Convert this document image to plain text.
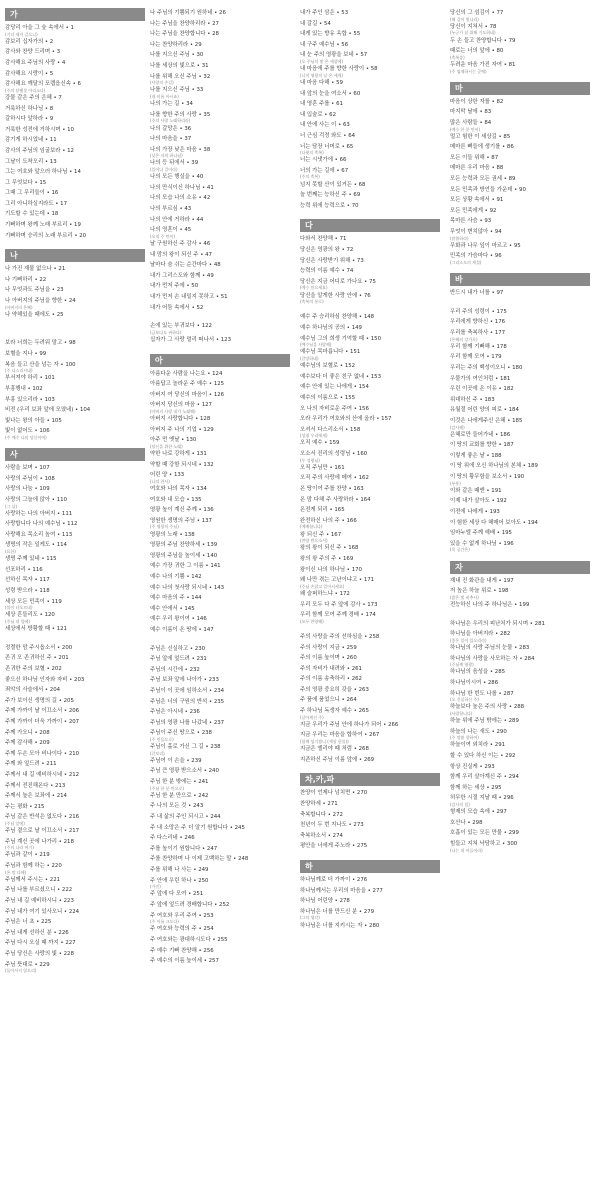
가
감당리 아을 그 숲 속에서 • 1
(기녀 제자 같으니)
감보리 십자가의 • 2
감사와 찬양 드리며 • 3
감사해요 주님의 사랑 • 4
감사해요 시랑이 • 5
감사해요 깨달의 포랩읍신속 • 6
(주의 달램물 아리소다)
강물 같은 주의 은혜 • 7
거룩하신 하나님 • 8
갈하시다 앞하라 • 9
거룩한 성전에 거하시며 • 10
감기게 하시었네 • 11
감사의 주님의 임굴보라 • 12
그날이 도착오리 • 13
그는 여호와 앞으러 하나님 • 14
그 무엇보다 • 15
그때 그 무리들이 • 16
그리 아니하실지라도 • 17
기도할 수 있는데 • 18
기뻐하며 왕께 노래 부르리 • 19
기뻐하며 승리의 노래 부르리 • 20
나
나 가진 재물 없으나 • 21
나 기뻐하리 • 22
나 무엇과도 주님을 • 23
나 아버지의 주님을 향한 • 24
(아버지의 은혜)
나 약해있을 때에도 • 25
보라 너희는 두려워 말고 • 98
보혈을 지나 • 99
복음 들고 산을 넘는 자 • 100
(주 다스리시네)
부서져야 하리 • 101
부흥행내 • 102
부흥 있으리라 • 103
비전 (우리 보좌 앞에 모였네) • 104
빛나는 왕의 아들 • 105
빛이 없어도 • 106
(주 예수 나의 당신이여)
사
사람을 보며 • 107
사랑의 주님이 • 108
사랑의 나눔 • 109
사랑의 그늘에 앉아 • 110
(그 날)
사랑하는 나의 아버지 • 111
사랑합니다 나의 예수님 • 112
사랑해요 목소리 높여 • 113
생명의 작은 일케도 • 114
(요한)
생명 주께 있네 • 115
선포하리 • 116
선하신 목자 • 117
성령 받으라 • 118
세상 모든 민족이 • 119
(불이 타오르네)
세상 흔들리도 • 120
(주님 내 앞에)
세상에서 방황할 때 • 121
정결한 맘 주시옵소서 • 200
존귀 오 존귀하신 주 • 201
존귀한 주의 보혈 • 202
좋으신 하나님 인자와 자비 • 203
죄악의 사슬에서 • 204
주가 보이신 생명의 길 • 205
주께 가까이 날 이끄소서 • 206
주께 가까이 더욱 가까이 • 207
주께 가오니 • 208
주께 감사해 • 209
주께 두손 모아 비나이다 • 210
주께 와 엎드려 • 211
주께서 내 길 예비하시네 • 212
주께서 전진해온다 • 213
주께서 높은 보좌에 • 214
주는 평화 • 215
주님 같은 반석은 없도다 • 216
(주님 앞에)
주님 곁으로 날 이끄소서 • 217
주님 계신 곳에 나가리 • 218
(주의 나라 여기)
주님과 같이 • 219
주님과 함께 하는 • 220
(온 맘 다해)
주님께서 주시는 • 221
주님 나를 부르셨으니 • 222
주님 내 길 예비하시니 • 223
주님 내가 여기 있사오니 • 224
주님은 너 초 • 225
주님 내게 선하신 분 • 226
주님 다시 오실 때 까지 • 227
주님 당신은 사랑의 빛 • 228
주님 뜻대로 • 229
(돌아서지 않으리)
나 주님의 기쁨되기 원하네 • 26
나는 주님을 찬양하리라 • 27
나는 주님을 찬양합니다 • 28
나는 찬양하리라 • 29
나를 지으신 주님 • 30
나를 세상의 빛으로 • 31
나를 위해 오신 주님 • 32
(사랑의 손길)
나를 지으신 주님 • 33
(내 이름 아시죠)
나의 가는 길 • 34
나를 향한 주의 사랑 • 35
(주의 사랑 노래하리라)
나의 갈망은 • 36
나의 마음을 • 37
나의 가장 낮은 마음 • 38
(낮은 자의 하나님)
나의 등 뒤에서 • 39
(일어나 걸어라)
나의 모든 행실을 • 40
나의 만식이신 하나님 • 41
나의 모습 나의 소유 • 42
나의 부르심 • 43
나의 안에 거하라 • 44
나의 영혼이 • 45
(오직 주 만이)
날 구원하신 주 감사 • 46
내 맘의 왕이 되신 주 • 47
날마다 숨 쉬는 순간마다 • 48
내가 그리스도와 함께 • 49
내가 먼저 주에 • 50
내가 먼저 손 내밀지 못하고 • 51
내가 어둠 속에서 • 52
손에 있는 부귀보다 • 122
(금보다도 귀하다)
십자가 그 사랑 멀리 떠나서 • 123
아
아름다운 사람을 나는요 • 124
아름답고 놀라운 주 예수 • 125
아버지 여 당신의 마음이 • 126
아버지 당신의 마음 • 127
(아버지 사랑 내가 노래해)
아버지 사랑합니다 • 128
아버지 주 나의 기업 • 129
아주 먼 옛날 • 130
(당신을 위한 노래)
약한 나로 강하게 • 131
약할 때 강함 되시네 • 132
어린 양 • 133
(나의 찬사)
여호와 나의 목자 • 134
여호와 내 모습 • 135
영광 높이 계신 주께 • 136
영원한 생명의 주님 • 137
(주 영광의 주님)
영광의 노래 • 138
영광의 주님 찬양하세 • 139
영광의 주님을 높이세 • 140
예수 가장 귀한 그 이름 • 141
예수 나의 기쁨 • 142
예수 나의 첫사랑 되시네 • 143
예수 마음의 주 • 144
예수 안에서 • 145
예수 우리 왕이여 • 146
예수 이름이 온 땅에 • 147
주님은 신실하고 • 230
주님 앞에 엎드려 • 231
주님의 시간에 • 232
주님 보좌 앞에 나아가 • 233
주님이 이 곳에 임하소서 • 234
주님은 너의 구원의 반석 • 235
주님은 아시네 • 236
주님의 영광 나를 나갔네 • 237
주님이 주신 땅으로 • 238
(주 믿음으로)
주님이 홀로 가신 그 길 • 238
(갈보리)
주님여 이 손을 • 239
주님 큰 영광 받으소서 • 240
주님 한 분 밖에는 • 241
(주님 한 분 만으로)
주님 한 분 만으로 • 242
주 나의 모든 것 • 243
주 내 삶의 주인 되시고 • 244
주 내 소망은 주 더 알기 원합니다 • 245
주 다스리네 • 246
주를 높이기 원합니다 • 247
주를 찬양하며 나 이제 고백하는 말 • 248
주를 위해 나 사는 • 249
주 안에 우린 하나 • 250
(가진)
주 앞에 다 모여 • 251
주 앞에 엎드려 경배합니다 • 252
주 여호와 우리 주여 • 253
(주 이름 크도다)
주 여호와 능력의 주 • 254
주 여호와는 광대하시도다 • 255
주 예수 기뻐 찬양해 • 256
주 예수의 이름 높이세 • 257
내가 주인 삼은 • 53
내 갈길 • 54
내게 있는 향유 옥합 • 55
내 구주 예수님 • 56
내 눈 주의 영광을 보네 • 57
(오 주님의 빛 온 세상에)
내 마음에 주를 향한 사랑이 • 58
(너의 영광의 날 온 세계)
내 마음 다해 • 59
내 앞의 눈을 여소서 • 60
내 영혼 주를 • 61
내 입술로 • 62
내 안에 사는 이 • 63
너 근심 걱정 와도 • 64
너는 담장 너머로 • 65
(다윗의 축복)
너는 시냇가에 • 66
너의 가는 길에 • 67
(주의 축복)
넘지 못할 산이 있거든 • 68
놀 번째는 능하신 주 • 69
능력 위에 능력으로 • 70
다
다와서 찬양해 • 71
당신은 영광의 왕 • 72
당신은 사랑받기 위해 • 73
능력의 이름 예수 • 74
당신은 지금 어디로 가나요 • 75
(예수 믿으세요)
당신을 알게한 사랑 안에 • 76
(축복의 통로)
예수 주 승리하심 찬양해 • 148
예수 하나님의 공의 • 149
예수님 그의 희생 기억할 때 • 150
(예수님을 사랑해)
예수님 목마릅니다 • 151
(갈망하네)
예수님의 보혈로 • 152
예수보다 더 좋은 친구 없네 • 153
예수 안에 있는 나에게 • 154
예수의 이름으로 • 155
오 나의 자비로운 주여 • 156
오라 우리가 여호와의 산에 올라 • 157
오셔서 다스리소서 • 158
(성령 우리에게)
오직 예수 • 159
오소서 진리의 성령님 • 160
(우 성령님)
오직 주님만 • 161
오직 주의 사랑에 메여 • 162
온 땅이여 주를 찬양 • 163
온 맘 다해 주 사랑하라 • 164
온전케 되리 • 165
완전하신 나의 주 • 166
(예배합니다)
왕 되신 주 • 167
(찬양 받으소서)
왕의 왕이 되신 주 • 168
왕의 왕 주의 주 • 169
왕이신 나의 하나님 • 170
왜 나만 겪는 고난이냐고 • 171
(주님 손잡고 일어서세요)
왜 슬퍼하느냐 • 172
우리 모두 다 주 앞에 감사 • 173
우리 함께 모여 주께 경배 • 174
(모두 찬양해)
주의 사랑을 주의 선하심을 • 258
주의 사랑이 지금 • 259
주의 이름 높이며 • 260
주의 자비가 내려와 • 261
주의 이름 송축하리 • 262
주의 영광 중요히 갖을 • 263
주 품에 품었으니 • 264
주 하나님 독생자 예수 • 265
(살아계신 주)
지금 우리가 주님 안에 하나가 되어 • 266
지금 우리는 마음을 합하여 • 267
(함께 섬기겠니 (세상 헌물))
지금은 엘리야 때 처럼 • 268
지존하신 주님 이름 앞에 • 269
차,카,파
찬양이 언제나 넘치면 • 270
찬양하세 • 271
축복합니다 • 272
천년이 두 번 지나도 • 273
축복하소서 • 274
평안을 너에게 주노라 • 275
하
하나님께로 더 가까이 • 276
하나님께서는 우리의 마음을 • 277
하나님 어린양 • 278
하나님은 너를 만드신 분 • 279
(그의 생각)
하나님은 너를 지키시는 자 • 280
당신의 그 섬김이 • 77
(해 같이 빛나리)
당신이 지쳐서 • 78
(누군가 널 위해 기도하네)
두 손 들고 찬양합니다 • 79
때로는 너의 앞에 • 80
(축복송)
두려운 마음 가진 자여 • 81
(주 임재하시는 곳에)
마
마음이 상한 자를 • 82
마지막 날에 • 83
많은 사람들 • 84
(예수 한 분 만이)
멀고 험한 이 세상길 • 85
메마른 뼈들에 생기를 • 86
모든 이들 위해 • 87
메마른 우리 마음 • 88
모든 능력과 모든 권세 • 89
모든 민족과 방언들 가운데 • 90
모든 상황 속에서 • 91
모든 민족에게 • 92
목마른 사슴 • 93
무엇이 변치않아 • 94
(말씀하라)
무화과 나무 잎이 마르고 • 95
민족의 가슴마다 • 96
(그리스도의 계절)
바
반드시 내가 너를 • 97
우리 주의 성령이 • 175
우리에게 향하신 • 176
우리를 축복하사 • 177
(은혜의 강가로)
우리 함께 기뻐해 • 178
우리 함께 모여 • 179
우리는 주의 백성이오니 • 180
우물가의 여인처럼 • 181
우린 이곳에 온 이유 • 182
위대하신 주 • 183
유월절 어린 양의 피로 • 184
이것은 나에게주신 은혜 • 185
(감사해)
은혜로만 들어가네 • 186
이 땅의 교회를 향한 • 187
이렇게 좋은 날 • 188
이 땅 위에 오신 하나님의 본체 • 189
이 땅의 황무함을 보소서 • 190
(부흥)
이와 같은 때엔 • 191
이제 내가 살아도 • 192
이전에 나에게 • 193
이 험한 세상 다 헤매어 보아도 • 194
임마누엘 주께 예배 • 195
있을 수 없게 하나님 • 196
(목 공간은)
자
재내 진 화관을 내게 • 197
저 높은 하늘 위로 • 198
(밝은 빛 비추사)
전능하신 나의 주 하나님은 • 199
하나님은 우리의 피난처가 되시며 • 281
하나님을 아버지라 • 282
(좋은 일이 있으리라)
하나님의 사랑 주님의 눈물 • 283
하나님의 사랑을 사모하는 자 • 284
(주님께 영광)
하나님의 음성을 • 285
하나님이시여 • 286
하나님 한 번도 나를 • 287
(오 신실하신 주)
하늘보다 높은 주의 사랑 • 288
(사랑합니다)
하늘 위에 주님 밖에는 • 289
하늘의 나는 새도 • 290
(주 말씀 향하여)
하늘이여 외치라 • 291
할 수 있다 하신 이는 • 292
항상 진실케 • 293
함께 우리 살아계신 주 • 294
함께 하는 세상 • 295
허무한 시절 지날 때 • 296
(감사의 힘)
형제의 모습 속에 • 297
호산나 • 298
호흡이 있는 모든 만물 • 299
힘들고 지쳐 낙담하고 • 300
(나는 내 아들이라)
